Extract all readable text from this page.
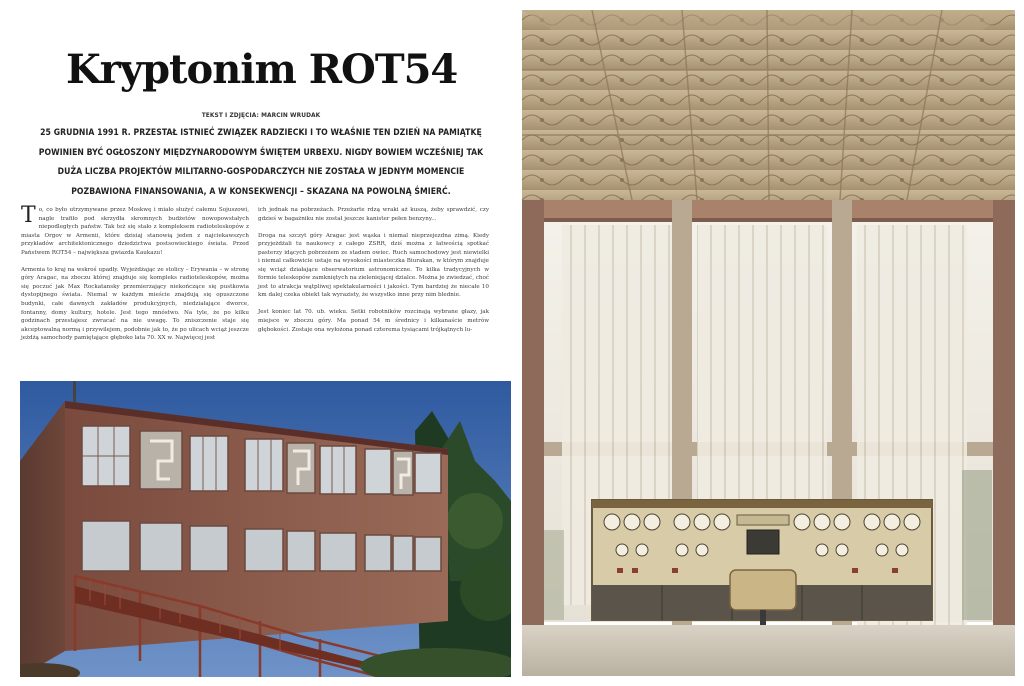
Kryptonim ROT54
TEKST I ZDJĘCIA: MARCIN WRUDAK
25 GRUDNIA 1991 R. PRZESTAŁ ISTNIEĆ ZWIĄZEK RADZIECKI I TO WŁAŚNIE TEN DZIEŃ NA PAMIĄTKĘ POWINIEN BYĆ OGŁOSZONY MIĘDZYNARODOWYM ŚWIĘTEM URBEXU. NIGDY BOWIEM WCZEŚNIEJ TAK DUŻA LICZBA PROJEKTÓW MILITARNO-GOSPODARCZYCH NIE ZOSTAŁA W JEDNYM MOMENCIE POZBAWIONA FINANSOWANIA, A W KONSEKWENCJI – SKAZANA NA POWOLNĄ ŚMIERĆ.

To, co było utrzymywane przez Moskwę i miało służyć całemu Sojuszowi, nagle trafiło pod skrzydła skromnych budżetów nowopowstałych niepodległych państw. Tak też się stało z kompleksem radioteleskopów z miasta Orgov w Armenii, które dzisiaj stanowią jeden z najciekawszych przykładów architektonicznego dziedzictwa postsowieckiego świata. Przed Państwem ROT54 – największa gwiazda Kaukazu!

Armenia to kraj na wskroś upadły. Wyjeżdżając ze stolicy – Erywania – w stronę góry Aragac, na zboczu której znajduje się kompleks radioteleskopów, można się poczuć jak Max Rockatansky przemierzający niekończące się pustkowia dystopijnego świata. Niemal w każdym mieście znajdują się opuszczone budynki, całe dawnych zakładów produkcyjnych, niedziałające dworce, fontanny, domy kultury, hotele. Jest tego mnóstwo. Na tyle, że po kilku godzinach przestajesz zwracać na nie uwagę. To zniszczenie staje się akceptowalną normą i przywilejem, podobnie jak to, że po ulicach wciąż jeszcze jeżdżą samochody pamiętające głęboko lata 70. XX w. Najwięcej jest

ich jednak na pobrzeżach. Przeżarte rdzą wraki aż kuszą, żeby sprawdzić, czy gdzieś w bagażniku nie został jeszcze kanister pełen benzyny...

Droga na szczyt góry Aragac jest wąska i niemal nieprzejezdna zimą. Kiedy przyjeżdżali tu naukowcy z całego ZSRR, dziś można z łatwością spotkać pasterzy idących pobrzeżem ze stadem owiec. Ruch samochodowy jest niewielki i niemal całkowicie ustaje na wysokości miasteczka Biurakan, w którym znajduje się wciąż działające obserwatorium astronomiczne. To kilka tradycyjnych w formie teleskopów zamkniętych na zieleniejącej dzialce. Można je zwiedzać, choć jest to atrakcja wątpliwej spektakularności i jakości. Tym bardziej że niecałe 10 km dalej czeka obiekt tak wyrazisty, że wszystko inne przy nim blednie.

Jest koniec lat 70. ub. wieku. Setki robotników rozcinają wybrane głazy, jak miejsce w zboczu góry. Ma ponad 54 m średnicy i kilkanaście metrów głębokości. Zostaje ona wyłożona ponad czterema tysiącami trójkątnych lu-
